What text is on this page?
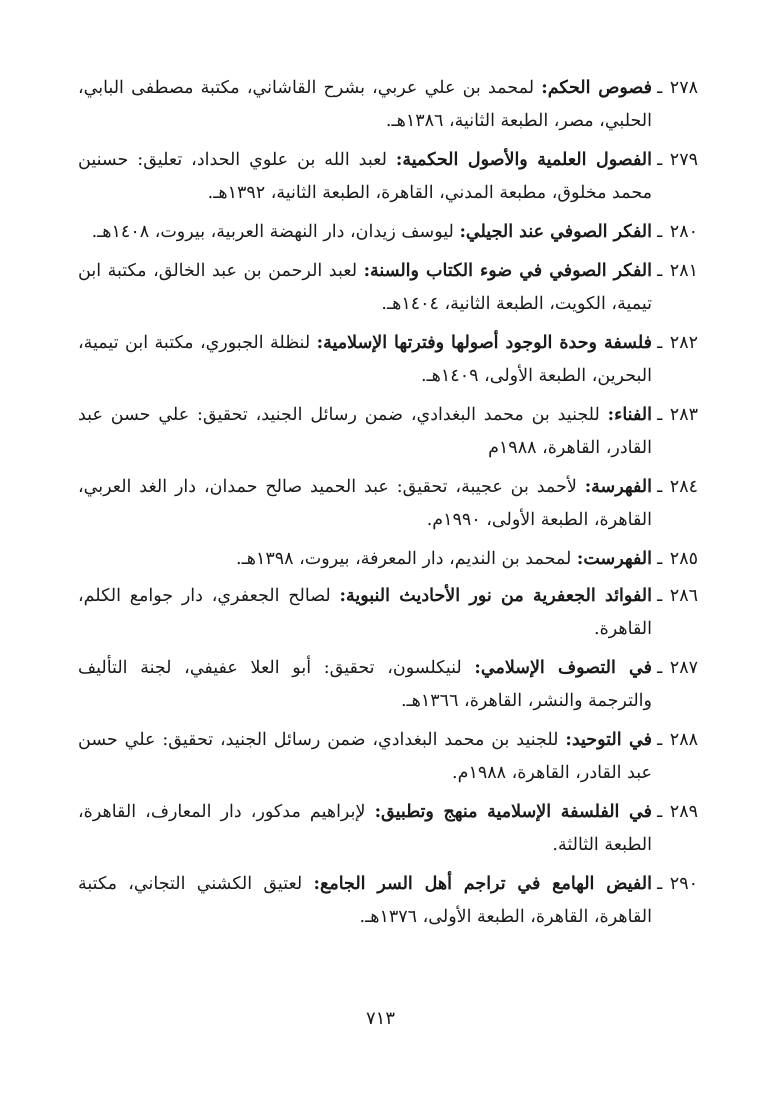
٢٧٨ ـ
فصوص الحكم: لمحمد بن علي عربي، بشرح القاشاني، مكتبة مصطفى البابي، الحلبي، مصر، الطبعة الثانية، ١٣٨٦هـ.
٢٧٩ ـ
الفصول العلمية والأصول الحكمية: لعبد الله بن علوي الحداد، تعليق: حسنين محمد مخلوق، مطبعة المدني، القاهرة، الطبعة الثانية، ١٣٩٢هـ.
٢٨٠ ـ
الفكر الصوفي عند الجيلي: ليوسف زيدان، دار النهضة العربية، بيروت، ١٤٠٨هـ.
٢٨١ ـ
الفكر الصوفي في ضوء الكتاب والسنة: لعبد الرحمن بن عبد الخالق، مكتبة ابن تيمية، الكويت، الطبعة الثانية، ١٤٠٤هـ.
٢٨٢ ـ
فلسفة وحدة الوجود أصولها وفترتها الإسلامية: لنظلة الجبوري، مكتبة ابن تيمية، البحرين، الطبعة الأولى، ١٤٠٩هـ.
٢٨٣ ـ
الفناء: للجنيد بن محمد البغدادي، ضمن رسائل الجنيد، تحقيق: علي حسن عبد القادر، القاهرة، ١٩٨٨م
٢٨٤ ـ
الفهرسة: لأحمد بن عجيبة، تحقيق: عبد الحميد صالح حمدان، دار الغد العربي، القاهرة، الطبعة الأولى، ١٩٩٠م.
٢٨٥ ـ
الفهرست: لمحمد بن النديم، دار المعرفة، بيروت، ١٣٩٨هـ.
٢٨٦ ـ
الفوائد الجعفرية من نور الأحاديث النبوية: لصالح الجعفري، دار جوامع الكلم، القاهرة.
٢٨٧ ـ
في التصوف الإسلامي: لنيكلسون، تحقيق: أبو العلا عفيفي، لجنة التأليف والترجمة والنشر، القاهرة، ١٣٦٦هـ.
٢٨٨ ـ
في التوحيد: للجنيد بن محمد البغدادي، ضمن رسائل الجنيد، تحقيق: علي حسن عبد القادر، القاهرة، ١٩٨٨م.
٢٨٩ ـ
في الفلسفة الإسلامية منهج وتطبيق: لإبراهيم مدكور، دار المعارف، القاهرة، الطبعة الثالثة.
٢٩٠ ـ
الفيض الهامع في تراجم أهل السر الجامع: لعتيق الكشني التجاني، مكتبة القاهرة، القاهرة، الطبعة الأولى، ١٣٧٦هـ.
٧١٣
